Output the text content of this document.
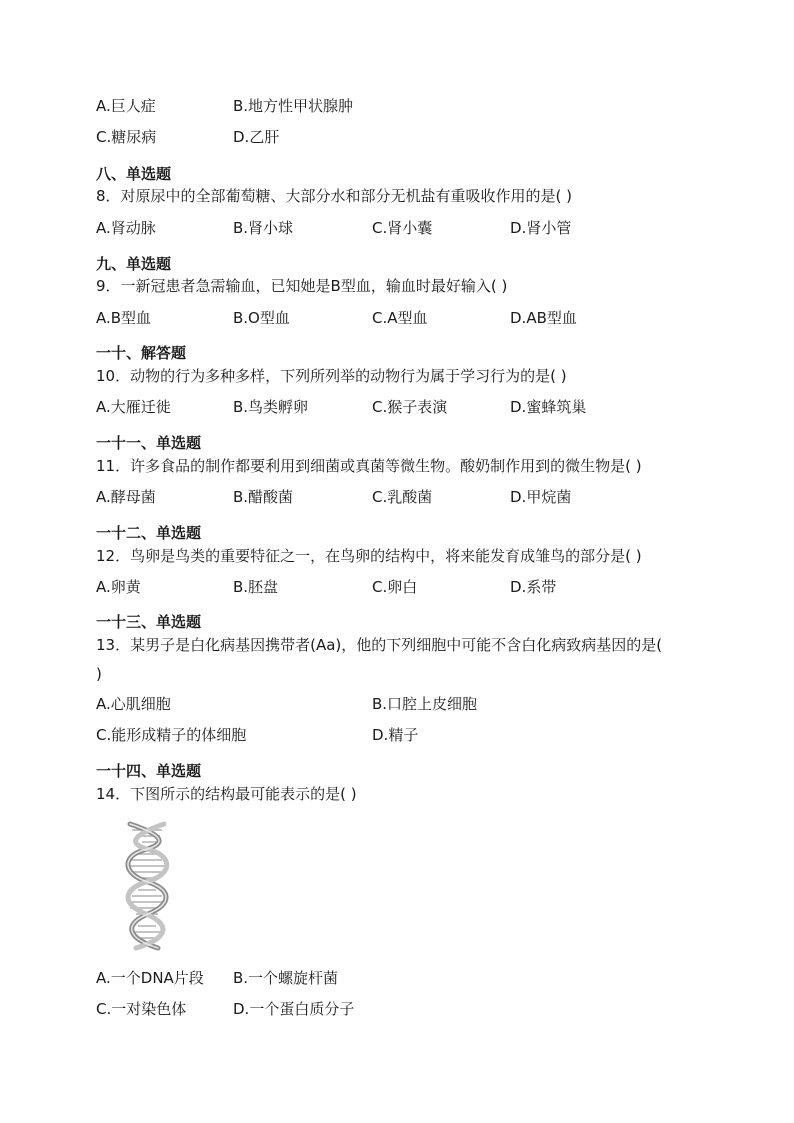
A.巨人症	B.地方性甲状腺肿
C.糖尿病	D.乙肝
八、单选题
8．对原尿中的全部葡萄糖、大部分水和部分无机盐有重吸收作用的是( )
A.肾动脉	B.肾小球	C.肾小囊	D.肾小管
九、单选题
9．一新冠患者急需输血，已知她是B型血，输血时最好输入( )
A.B型血	B.O型血	C.A型血	D.AB型血
一十、解答题
10．动物的行为多种多样，下列所列举的动物行为属于学习行为的是( )
A.大雁迁徙	B.鸟类孵卵	C.猴子表演	D.蜜蜂筑巢
一十一、单选题
11．许多食品的制作都要利用到细菌或真菌等微生物。酸奶制作用到的微生物是( )
A.酵母菌	B.醋酸菌	C.乳酸菌	D.甲烷菌
一十二、单选题
12．鸟卵是鸟类的重要特征之一，在鸟卵的结构中，将来能发育成雏鸟的部分是( )
A.卵黄	B.胚盘	C.卵白	D.系带
一十三、单选题
13．某男子是白化病基因携带者(Aa)，他的下列细胞中可能不含白化病致病基因的是(
)
A.心肌细胞	B.口腔上皮细胞
C.能形成精子的体细胞	D.精子
一十四、单选题
14．下图所示的结构最可能表示的是( )
A.一个DNA片段 B.一个螺旋杆菌
C.一对染色体	D.一个蛋白质分子
